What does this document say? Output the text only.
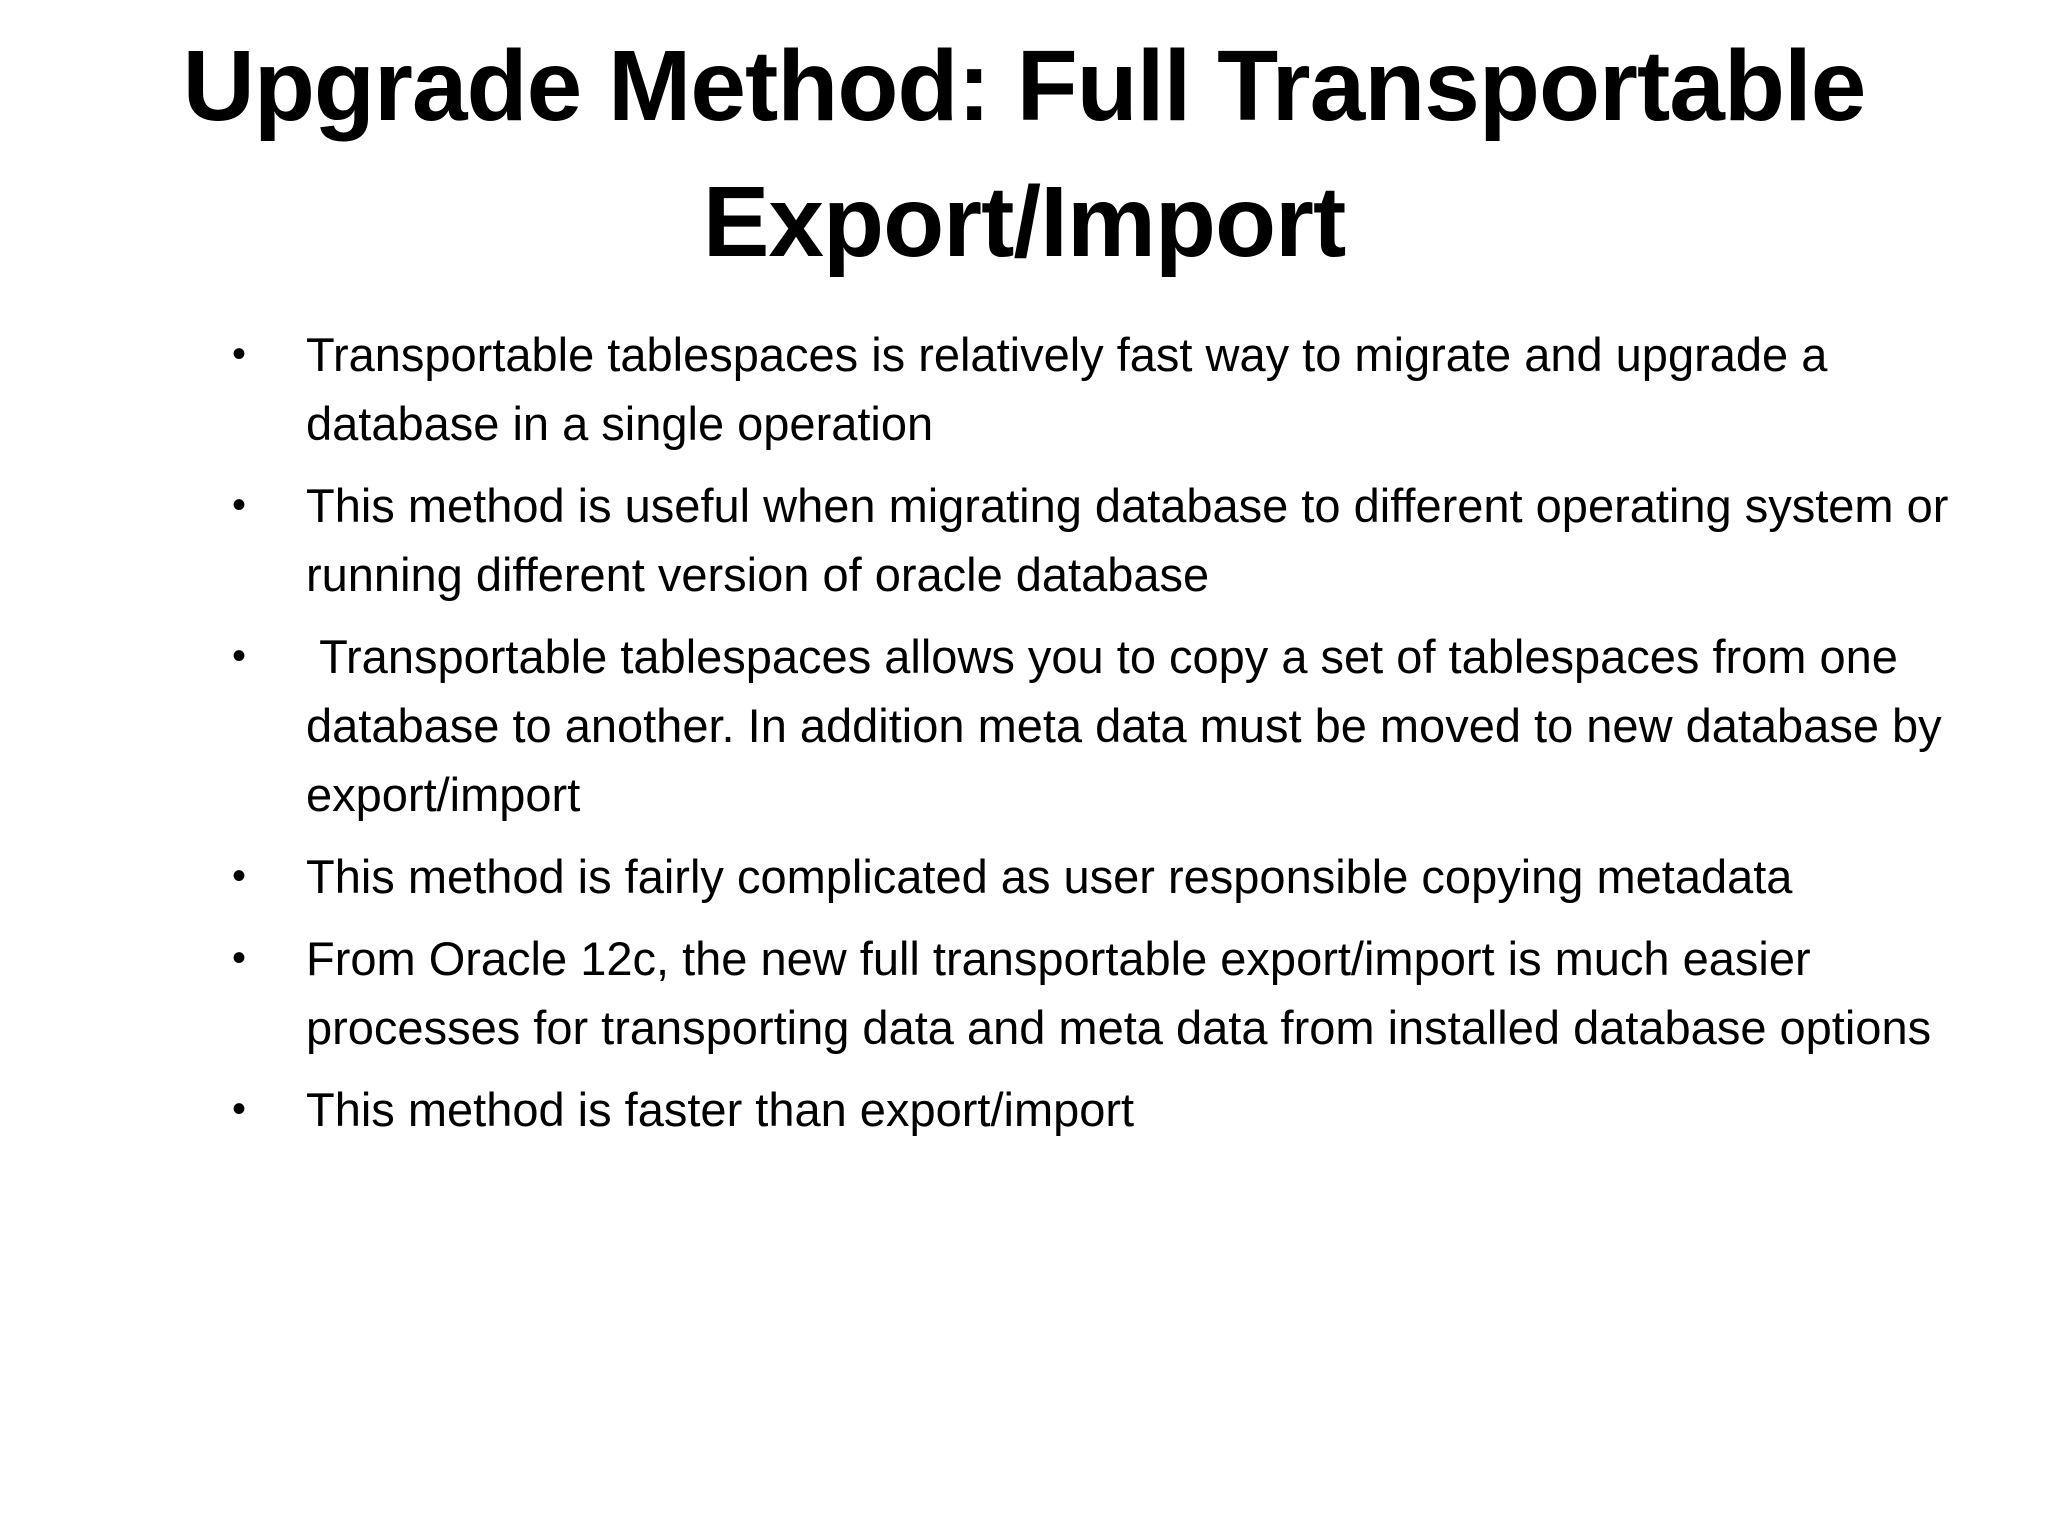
Upgrade Method: Full Transportable
Export/Import
• Transportable tablespaces is relatively fast way to migrate and upgrade a database in a single operation
• This method is useful when migrating database to different operating system or running different version of oracle database
• Transportable tablespaces allows you to copy a set of tablespaces from one database to another. In addition meta data must be moved to new database by export/import
• This method is fairly complicated as user responsible copying metadata
• From Oracle 12c, the new full transportable export/import is much easier processes for transporting data and meta data from installed database options
• This method is faster than export/import
